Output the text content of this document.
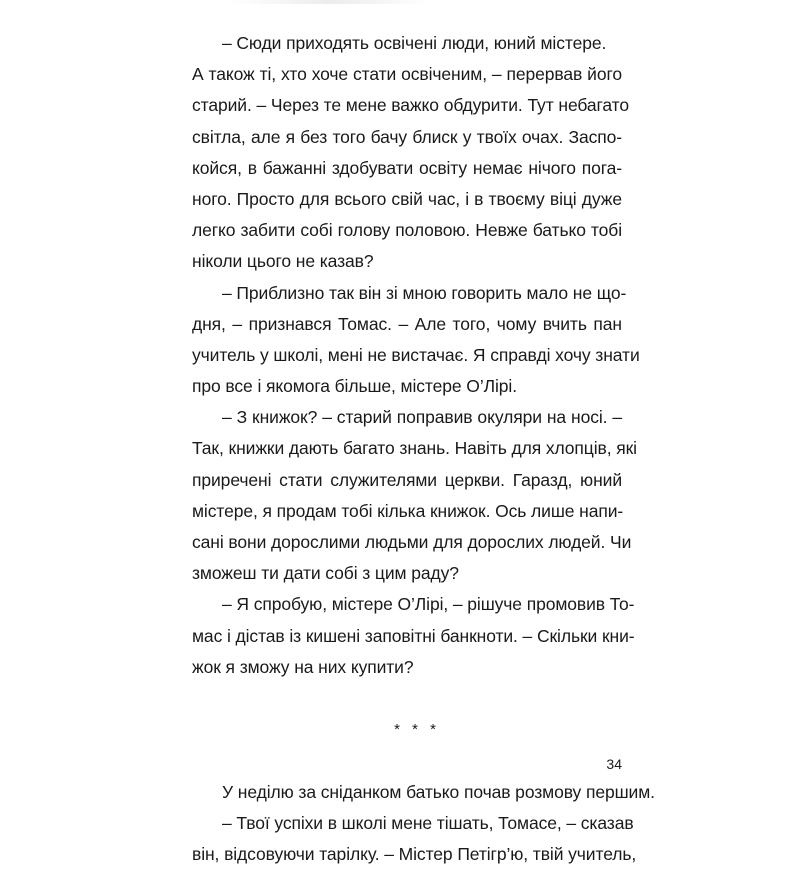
– Сюди приходять освічені люди, юний містере.
А також ті, хто хоче стати освіченим, – перервав його
старий. – Через те мене важко обдурити. Тут небагато
світла, але я без того бачу блиск у твоїх очах. Заспо-
койся, в бажанні здобувати освіту немає нічого пога-
ного. Просто для всього свій час, і в твоєму віці дуже
легко забити собі голову половою. Невже батько тобі
ніколи цього не казав?
– Приблизно так він зі мною говорить мало не що-
дня, – признався Томас. – Але того, чому вчить пан
учитель у школі, мені не вистачає. Я справді хочу знати
про все і якомога більше, містере О’Лірі.
– З книжок? – старий поправив окуляри на носі. –
Так, книжки дають багато знань. Навіть для хлопців, які
приречені стати служителями церкви. Гаразд, юний
містере, я продам тобі кілька книжок. Ось лише напи-
сані вони дорослими людьми для дорослих людей. Чи
зможеш ти дати собі з цим раду?
– Я спробую, містере О’Лірі, – рішуче промовив То-
мас і дістав із кишені заповітні банкноти. – Скільки кни-
жок я зможу на них купити?
* * *
У неділю за сніданком батько почав розмову першим.
– Твої успіхи в школі мене тішать, Томасе, – сказав
він, відсовуючи тарілку. – Містер Петігр’ю, твій учитель,
34
